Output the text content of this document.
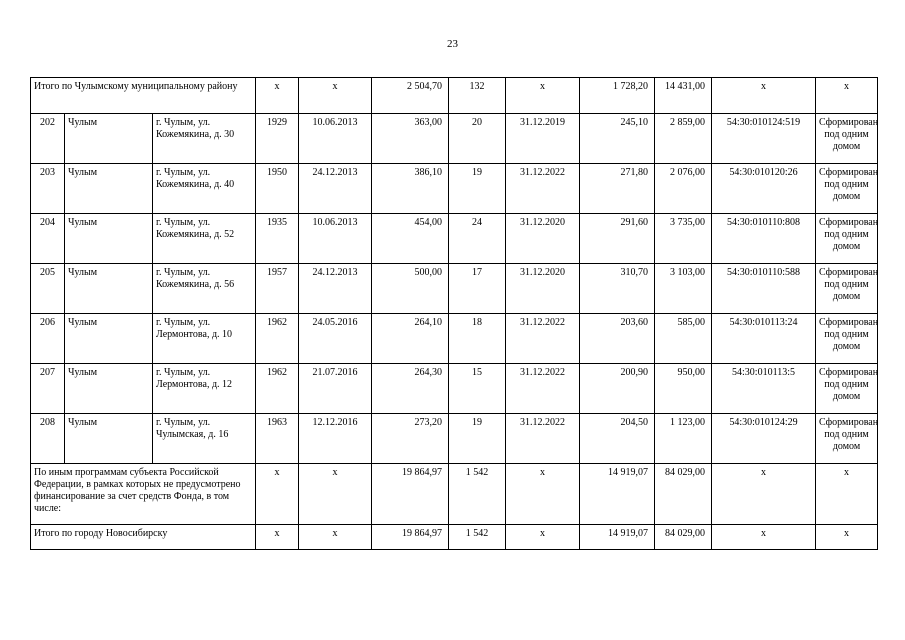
23
Итого по Чулымскому муниципальному району			x	x	2 504,70	132	x	1 728,20	14 431,00	x	x
202	Чулым	г. Чулым, ул. Кожемякина, д. 30	1929	10.06.2013	363,00	20	31.12.2019	245,10	2 859,00	54:30:010124:519	Сформирован под одним домом
203	Чулым	г. Чулым, ул. Кожемякина, д. 40	1950	24.12.2013	386,10	19	31.12.2022	271,80	2 076,00	54:30:010120:26	Сформирован под одним домом
204	Чулым	г. Чулым, ул. Кожемякина, д. 52	1935	10.06.2013	454,00	24	31.12.2020	291,60	3 735,00	54:30:010110:808	Сформирован под одним домом
205	Чулым	г. Чулым, ул. Кожемякина, д. 56	1957	24.12.2013	500,00	17	31.12.2020	310,70	3 103,00	54:30:010110:588	Сформирован под одним домом
206	Чулым	г. Чулым, ул. Лермонтова, д. 10	1962	24.05.2016	264,10	18	31.12.2022	203,60	585,00	54:30:010113:24	Сформирован под одним домом
207	Чулым	г. Чулым, ул. Лермонтова, д. 12	1962	21.07.2016	264,30	15	31.12.2022	200,90	950,00	54:30:010113:5	Сформирован под одним домом
208	Чулым	г. Чулым, ул. Чулымская, д. 16	1963	12.12.2016	273,20	19	31.12.2022	204,50	1 123,00	54:30:010124:29	Сформирован под одним домом
По иным программам субъекта Российской Федерации, в рамках которых не предусмотрено финансирование за счет средств Фонда, в том числе:			x	x	19 864,97	1 542	x	14 919,07	84 029,00	x	x
Итого по городу Новосибирску			x	x	19 864,97	1 542	x	14 919,07	84 029,00	x	x
